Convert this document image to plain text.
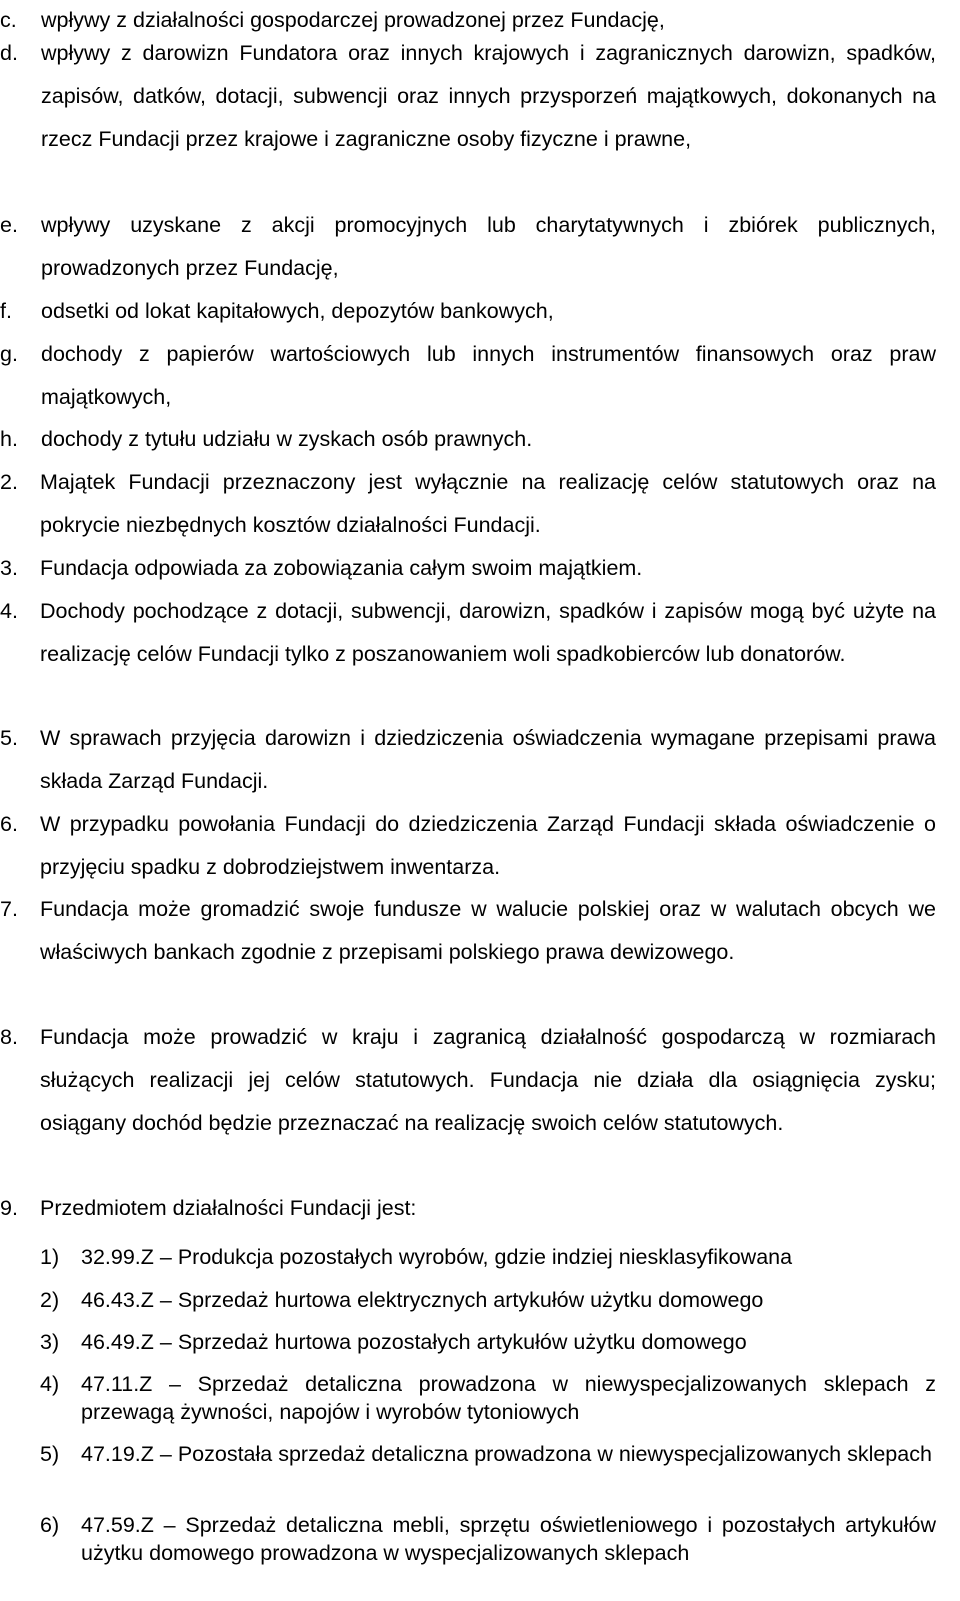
c. wpływy z działalności gospodarczej prowadzonej przez Fundację,
d. wpływy z darowizn Fundatora oraz innych krajowych i zagranicznych darowizn, spadków, zapisów, datków, dotacji, subwencji oraz innych przysporzeń majątkowych, dokonanych na rzecz Fundacji przez krajowe i zagraniczne osoby fizyczne i prawne,
e. wpływy uzyskane z akcji promocyjnych lub charytatywnych i zbiórek publicznych, prowadzonych przez Fundację,
f. odsetki od lokat kapitałowych, depozytów bankowych,
g. dochody z papierów wartościowych lub innych instrumentów finansowych oraz praw majątkowych,
h. dochody z tytułu udziału w zyskach osób prawnych.
2. Majątek Fundacji przeznaczony jest wyłącznie na realizację celów statutowych oraz na pokrycie niezbędnych kosztów działalności Fundacji.
3. Fundacja odpowiada za zobowiązania całym swoim majątkiem.
4. Dochody pochodzące z dotacji, subwencji, darowizn, spadków i zapisów mogą być użyte na realizację celów Fundacji tylko z poszanowaniem woli spadkobierców lub donatorów.
5. W sprawach przyjęcia darowizn i dziedziczenia oświadczenia wymagane przepisami prawa składa Zarząd Fundacji.
6. W przypadku powołania Fundacji do dziedziczenia Zarząd Fundacji składa oświadczenie o przyjęciu spadku z dobrodziejstwem inwentarza.
7. Fundacja może gromadzić swoje fundusze w walucie polskiej oraz w walutach obcych we właściwych bankach zgodnie z przepisami polskiego prawa dewizowego.
8. Fundacja może prowadzić w kraju i zagranicą działalność gospodarczą w rozmiarach służących realizacji jej celów statutowych. Fundacja nie działa dla osiągnięcia zysku; osiągany dochód będzie przeznaczać na realizację swoich celów statutowych.
9. Przedmiotem działalności Fundacji jest:
1) 32.99.Z – Produkcja pozostałych wyrobów, gdzie indziej niesklasyfikowana
2) 46.43.Z – Sprzedaż hurtowa elektrycznych artykułów użytku domowego
3) 46.49.Z – Sprzedaż hurtowa pozostałych artykułów użytku domowego
4) 47.11.Z – Sprzedaż detaliczna prowadzona w niewyspecjalizowanych sklepach z przewagą żywności, napojów i wyrobów tytoniowych
5) 47.19.Z – Pozostała sprzedaż detaliczna prowadzona w niewyspecjalizowanych sklepach
6) 47.59.Z – Sprzedaż detaliczna mebli, sprzętu oświetleniowego i pozostałych artykułów użytku domowego prowadzona w wyspecjalizowanych sklepach
